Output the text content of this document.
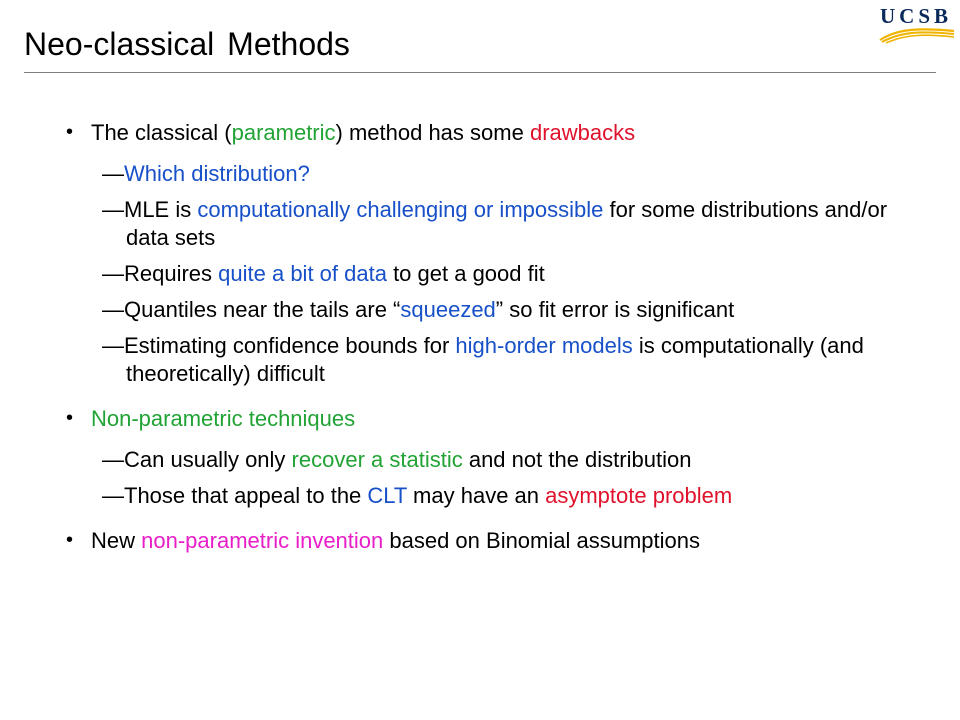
Neo-classical Methods
UCSB
• The classical (parametric) method has some drawbacks
—Which distribution?
—MLE is computationally challenging or impossible for some distributions and/or data sets
—Requires quite a bit of data to get a good fit
—Quantiles near the tails are “squeezed” so fit error is significant
—Estimating confidence bounds for high-order models is computationally (and theoretically) difficult
• Non-parametric techniques
—Can usually only recover a statistic and not the distribution
—Those that appeal to the CLT may have an asymptote problem
• New non-parametric invention based on Binomial assumptions
